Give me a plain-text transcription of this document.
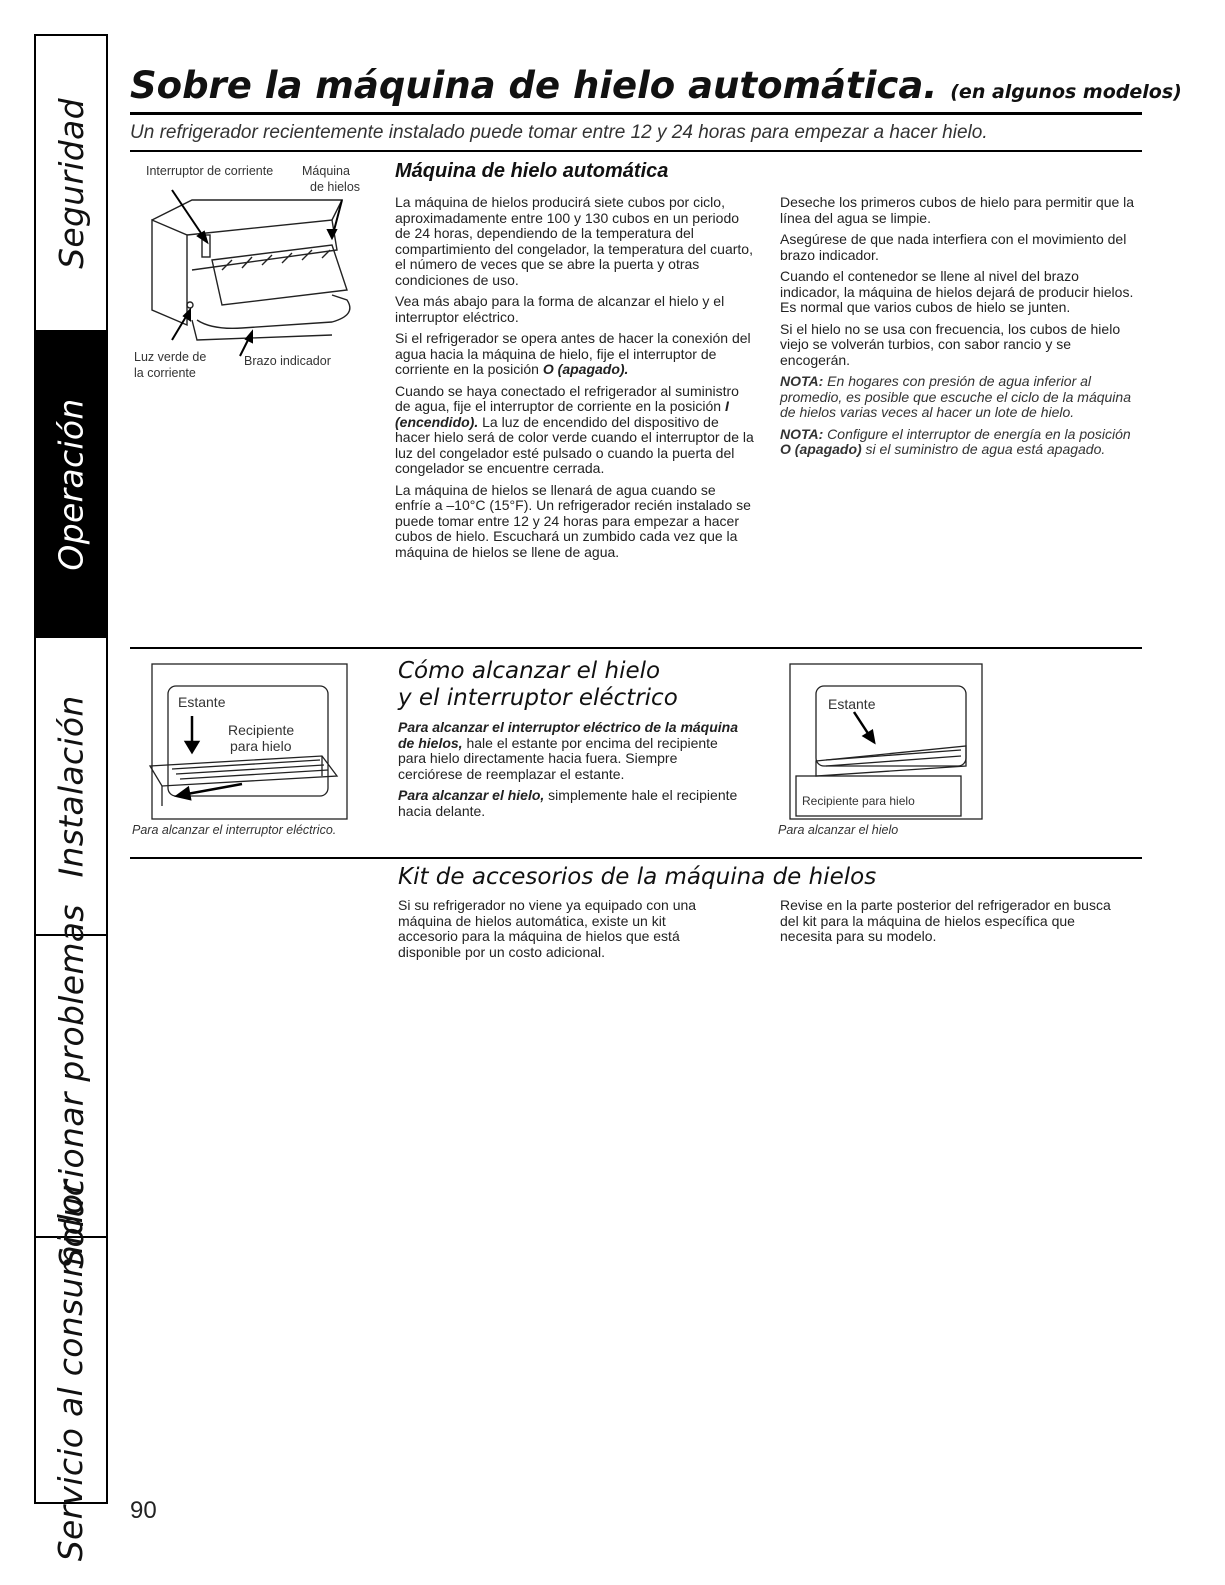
Seguridad
Operación
Instalación
Solucionar problemas
Servicio al consumidor
Sobre la máquina de hielo automática. (en algunos modelos)
Un refrigerador recientemente instalado puede tomar entre 12 y 24 horas para empezar a hacer hielo.
Interruptor de corriente Máquina
de hielos
Luz verde de
la corriente
Brazo indicador
Máquina de hielo automática

La máquina de hielos producirá siete cubos por ciclo, aproximadamente entre 100 y 130 cubos en un periodo de 24 horas, dependiendo de la temperatura del compartimiento del congelador, la temperatura del cuarto, el número de veces que se abre la puerta y otras condiciones de uso.

Vea más abajo para la forma de alcanzar el hielo y el interruptor eléctrico.

Si el refrigerador se opera antes de hacer la conexión del agua hacia la máquina de hielo, fije el interruptor de corriente en la posición O (apagado).

Cuando se haya conectado el refrigerador al suministro de agua, fije el interruptor de corriente en la posición I (encendido). La luz de encendido del dispositivo de hacer hielo será de color verde cuando el interruptor de la luz del congelador esté pulsado o cuando la puerta del congelador se encuentre cerrada.

La máquina de hielos se llenará de agua cuando se enfríe a –10°C (15°F). Un refrigerador recién instalado se puede tomar entre 12 y 24 horas para empezar a hacer cubos de hielo. Escuchará un zumbido cada vez que la máquina de hielos se llene de agua.

Deseche los primeros cubos de hielo para permitir que la línea del agua se limpie.

Asegúrese de que nada interfiera con el movimiento del brazo indicador.

Cuando el contenedor se llene al nivel del brazo indicador, la máquina de hielos dejará de producir hielos. Es normal que varios cubos de hielo se junten.

Si el hielo no se usa con frecuencia, los cubos de hielo viejo se volverán turbios, con sabor rancio y se encogerán.

NOTA: En hogares con presión de agua inferior al promedio, es posible que escuche el ciclo de la máquina de hielos varias veces al hacer un lote de hielo.

NOTA: Configure el interruptor de energía en la posición O (apagado) si el suministro de agua está apagado.

Estante
Recipiente
para hielo
Para alcanzar el interruptor eléctrico.
Cómo alcanzar el hielo
y el interruptor eléctrico

Para alcanzar el interruptor eléctrico de la máquina de hielos, hale el estante por encima del recipiente para hielo directamente hacia fuera. Siempre cerciórese de reemplazar el estante.

Para alcanzar el hielo, simplemente hale el recipiente hacia delante.

Estante
Recipiente para hielo
Para alcanzar el hielo
Kit de accesorios de la máquina de hielos

Si su refrigerador no viene ya equipado con una máquina de hielos automática, existe un kit accesorio para la máquina de hielos que está disponible por un costo adicional.

Revise en la parte posterior del refrigerador en busca del kit para la máquina de hielos específica que necesita para su modelo.

90
